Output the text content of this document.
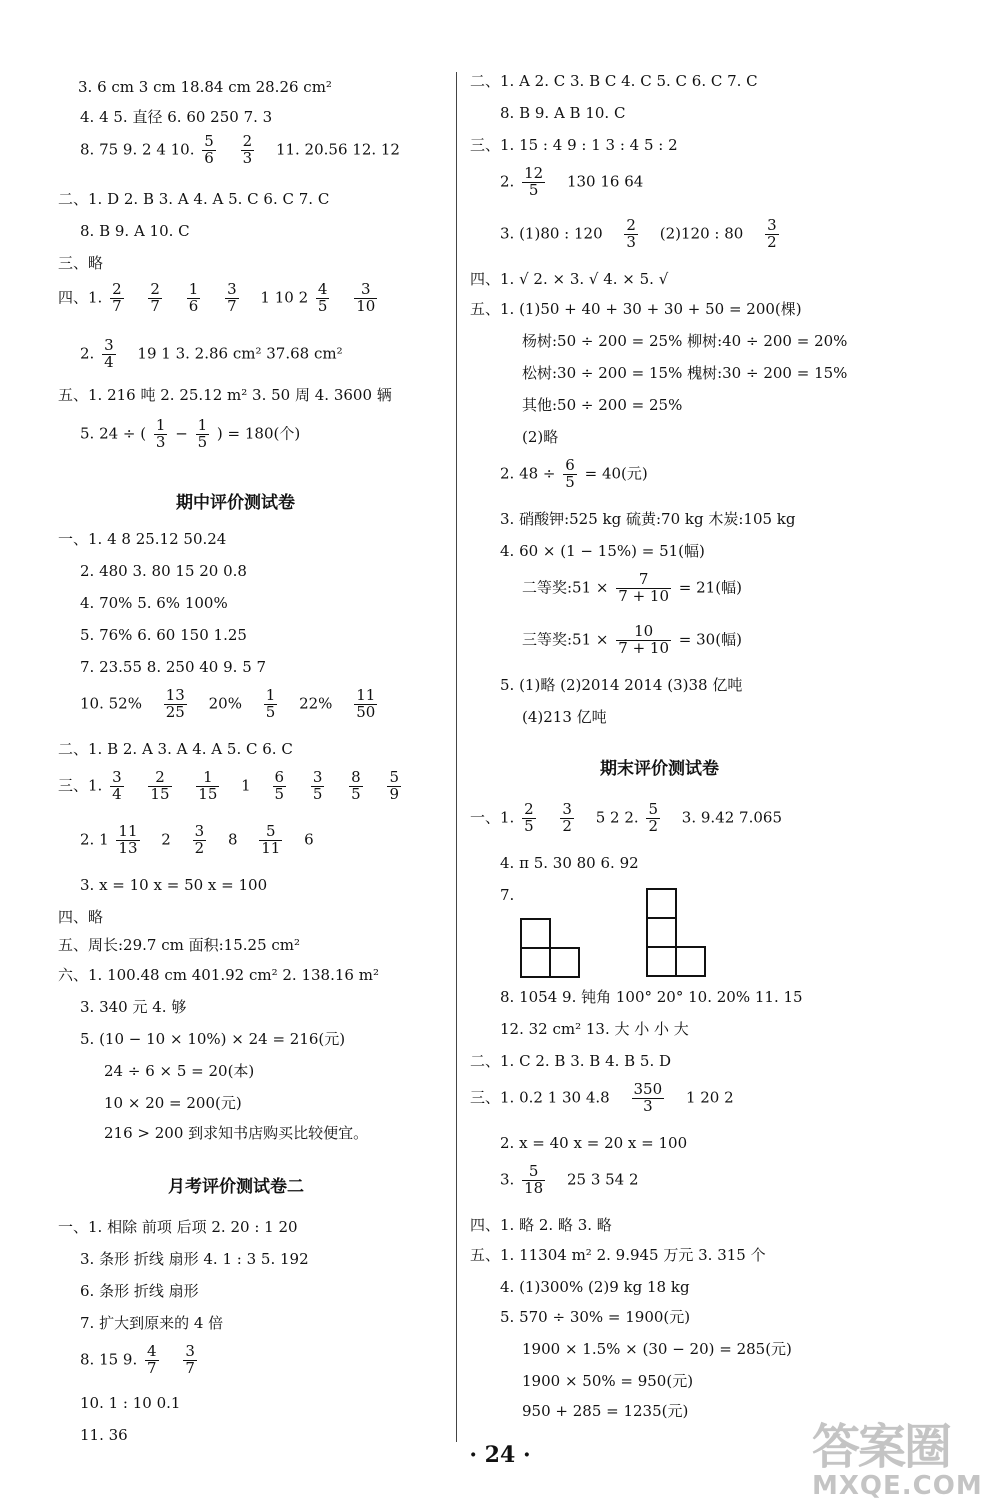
3. 6 cm 3 cm 18.84 cm 28.26 cm²
4. 4 5. 直径 6. 60 250 7. 3
8. 75 9. 2 4 10. $\frac{5}{6}$
$\frac{2}{3} 11$. 20.56 12. 12
二、1. D 2. B 3. A 4. A 5. C 6. C 7. C
8. B 9. A 10. C
三、略
四、1. $\frac{2}{7}$
$\frac{2}{7}$
$\frac{1}{6}$
$\frac{3}{7} 1$ 10 $2 \frac{4}{5}$
$\frac{3}{10}$
2. $\frac{3}{4} 19$ 1 3. 2.86 cm² 37.68 cm²
五、1. 216 吨 2. 25.12 m² 3. 50 周 4. 3600 辆
5. 24 ÷ ( $\frac{1}{3} - \frac{1}{5}$ ) = 180(个)
期中评价测试卷
一、1. 4 8 25.12 50.24
2. 480 3. 80 15 20 0.8
4. 70% 5. 6% 100%
5. 76% 6. 60 150 1.25
7. 23.55 8. 250 40 9. 5 7
10. $52\% \frac{13}{25} 20\% \frac{1}{5} 22\% \frac{11}{50}$
二、1. B 2. A 3. A 4. A 5. C 6. C
三、1. $\frac{3}{4}$
$\frac{2}{15}$
$\frac{1}{15} 1 \frac{6}{5}$
$\frac{3}{5}$
$\frac{8}{5}$
$\frac{5}{9}$
2. $1 \frac{11}{13} 2 \frac{3}{2} 8 \frac{5}{11} 6$
3. x = 10 x = 50 x = 100
四、略
五、周长:29.7 cm 面积:15.25 cm²
六、1. 100.48 cm 401.92 cm² 2. 138.16 m²
3. 340 元 4. 够
5. (10 − 10 × 10%) × 24 = 216(元)
24 ÷ 6 × 5 = 20(本)
10 × 20 = 200(元)
216 > 200 到求知书店购买比较便宜。
月考评价测试卷二
一、1. 相除 前项 后项 2. 20 : 1 20
3. 条形 折线 扇形 4. 1 : 3 5. 192
6. 条形 折线 扇形
7. 扩大到原来的 4 倍
8. 15 9. $\frac{4}{7}$
$\frac{3}{7}$
10. 1 : 10 0.1
11. 36
二、1. A 2. C 3. B C 4. C 5. C 6. C 7. C
8. B 9. A B 10. C
三、1. 15 : 4 9 : 1 3 : 4 5 : 2
2. $\frac{12}{5} 130$ 16 64
3. (1)80 : $120 \frac{2}{3} (2)120$ : $80 \frac{3}{2}$
四、1. √ 2. × 3. √ 4. × 5. √
五、1. (1)50 + 40 + 30 + 30 + 50 = 200(棵)
杨树:50 ÷ 200 = 25% 柳树:40 ÷ 200 = 20%
松树:30 ÷ 200 = 15% 槐树:30 ÷ 200 = 15%
其他:50 ÷ 200 = 25%
(2)略
2. $48 \div \frac{6}{5} = 40$(元)
3. 硝酸钾:525 kg 硫黄:70 kg 木炭:105 kg
4. 60 × (1 − 15%) = 51(幅)
二等奖:51 × $\frac{7}{7 + 10} = 21$(幅)
三等奖:51 × $\frac{10}{7 + 10} = 30$(幅)
5. (1)略 (2)2014 2014 (3)38 亿吨
(4)213 亿吨
期末评价测试卷
一、1. $\frac{2}{5}$
$\frac{3}{2} 5$ 2 2. $\frac{5}{2} 3$. 9.42 7.065
4. π 5. 30 80 6. 92
7.
8. 1054 9. 钝角 100° 20° 10. 20% 11. 15
12. 32 cm² 13. 大 小 小 大
二、1. C 2. B 3. B 4. B 5. D
三、1. 0.2 1 30 $4.8 \frac{350}{3} 1$ 20 2
2. x = 40 x = 20 x = 100
3. $\frac{5}{18} 25$ 3 54 2
四、1. 略 2. 略 3. 略
五、1. 11304 m² 2. 9.945 万元 3. 315 个
4. (1)300% (2)9 kg 18 kg
5. 570 ÷ 30% = 1900(元)
1900 × 1.5% × (30 − 20) = 285(元)
1900 × 50% = 950(元)
950 + 285 = 1235(元)
· 24 ·	答案圈
MXQE.COM
